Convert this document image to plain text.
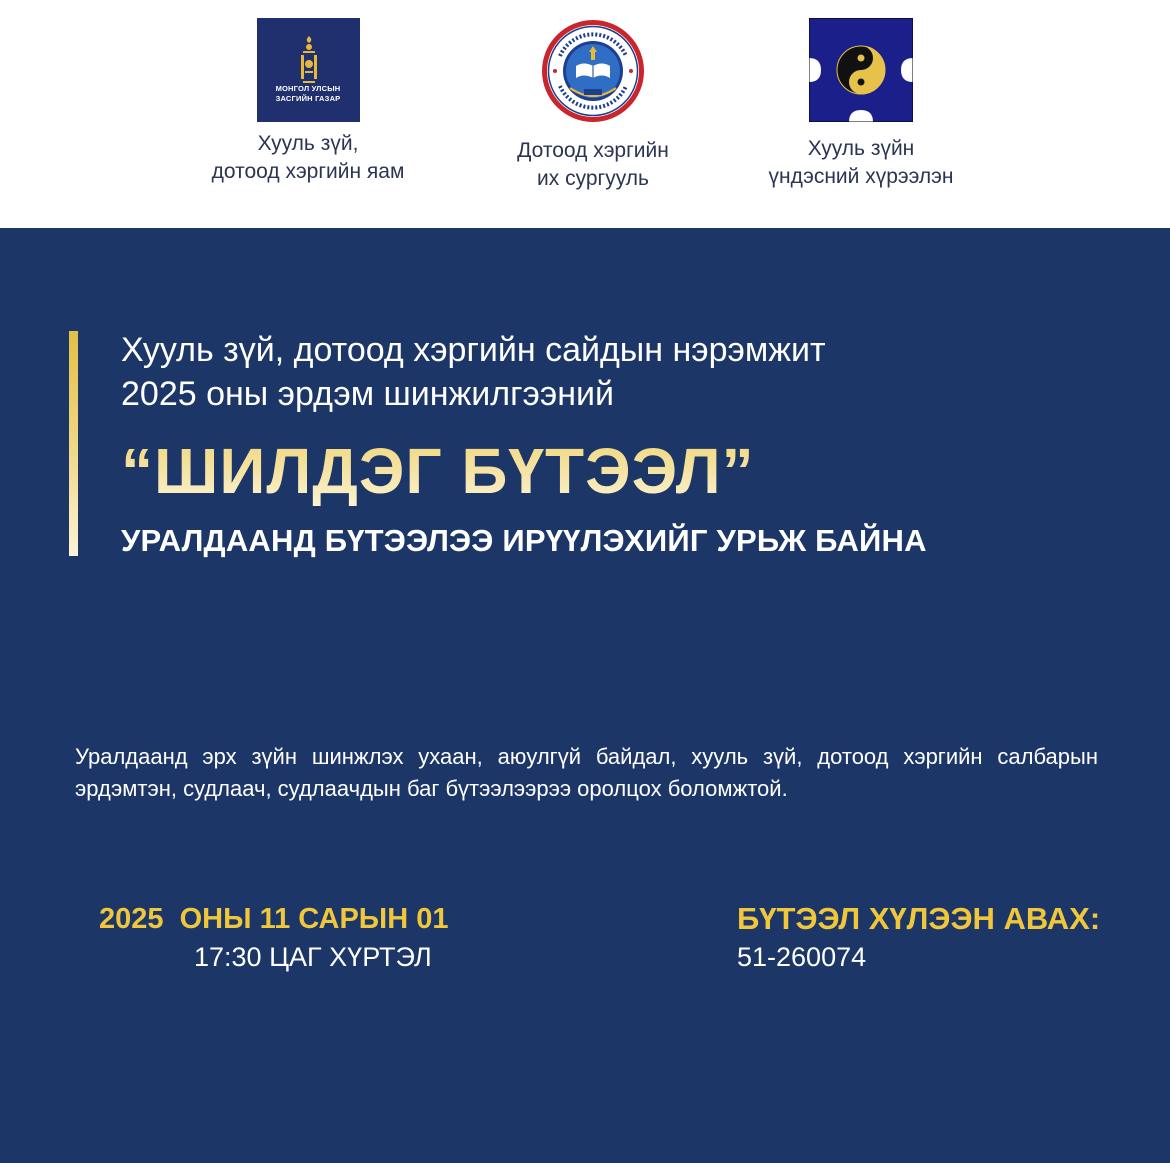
МОНГОЛ УЛСЫН
ЗАСГИЙН ГАЗАР
Хууль зүй,
дотоод хэргийн яам
Дотоод хэргийн
их сургууль
Хууль зүйн
үндэсний хүрээлэн
Хууль зүй, дотоод хэргийн сайдын нэрэмжит
2025 оны эрдэм шинжилгээний
“ШИЛДЭГ БҮТЭЭЛ”
УРАЛДААНД БҮТЭЭЛЭЭ ИРҮҮЛЭХИЙГ УРЬЖ БАЙНА
Уралдаанд эрх зүйн шинжлэх ухаан, аюулгүй байдал, хууль зүй, дотоод хэргийн салбарын эрдэмтэн, судлаач, судлаачдын баг бүтээлээрээ оролцох боломжтой.
2025  ОНЫ 11 САРЫН 01
17:30 ЦАГ ХҮРТЭЛ
БҮТЭЭЛ ХҮЛЭЭН АВАХ:
51-260074
